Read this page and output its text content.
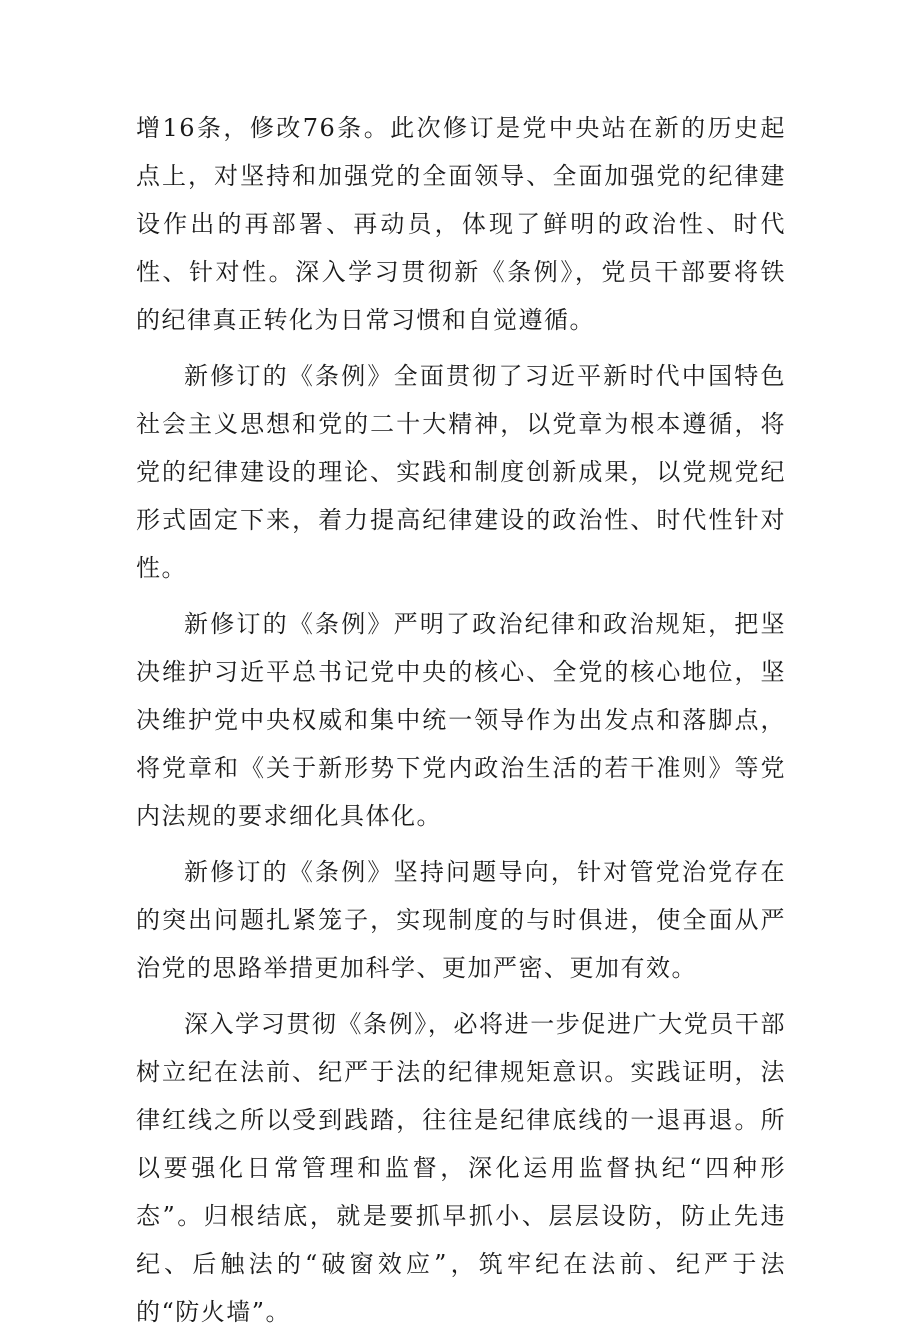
增16条，修改76条。此次修订是党中央站在新的历史起点上，对坚持和加强党的全面领导、全面加强党的纪律建设作出的再部署、再动员，体现了鲜明的政治性、时代性、针对性。深入学习贯彻新《条例》，党员干部要将铁的纪律真正转化为日常习惯和自觉遵循。

新修订的《条例》全面贯彻了习近平新时代中国特色社会主义思想和党的二十大精神，以党章为根本遵循，将党的纪律建设的理论、实践和制度创新成果，以党规党纪形式固定下来，着力提高纪律建设的政治性、时代性针对性。

新修订的《条例》严明了政治纪律和政治规矩，把坚决维护习近平总书记党中央的核心、全党的核心地位，坚决维护党中央权威和集中统一领导作为出发点和落脚点，将党章和《关于新形势下党内政治生活的若干准则》等党内法规的要求细化具体化。

新修订的《条例》坚持问题导向，针对管党治党存在的突出问题扎紧笼子，实现制度的与时俱进，使全面从严治党的思路举措更加科学、更加严密、更加有效。

深入学习贯彻《条例》，必将进一步促进广大党员干部树立纪在法前、纪严于法的纪律规矩意识。实践证明，法律红线之所以受到践踏，往往是纪律底线的一退再退。所以要强化日常管理和监督，深化运用监督执纪“四种形态”。归根结底，就是要抓早抓小、层层设防，防止先违纪、后触法的“破窗效应”，筑牢纪在法前、纪严于法的“防火墙”。
